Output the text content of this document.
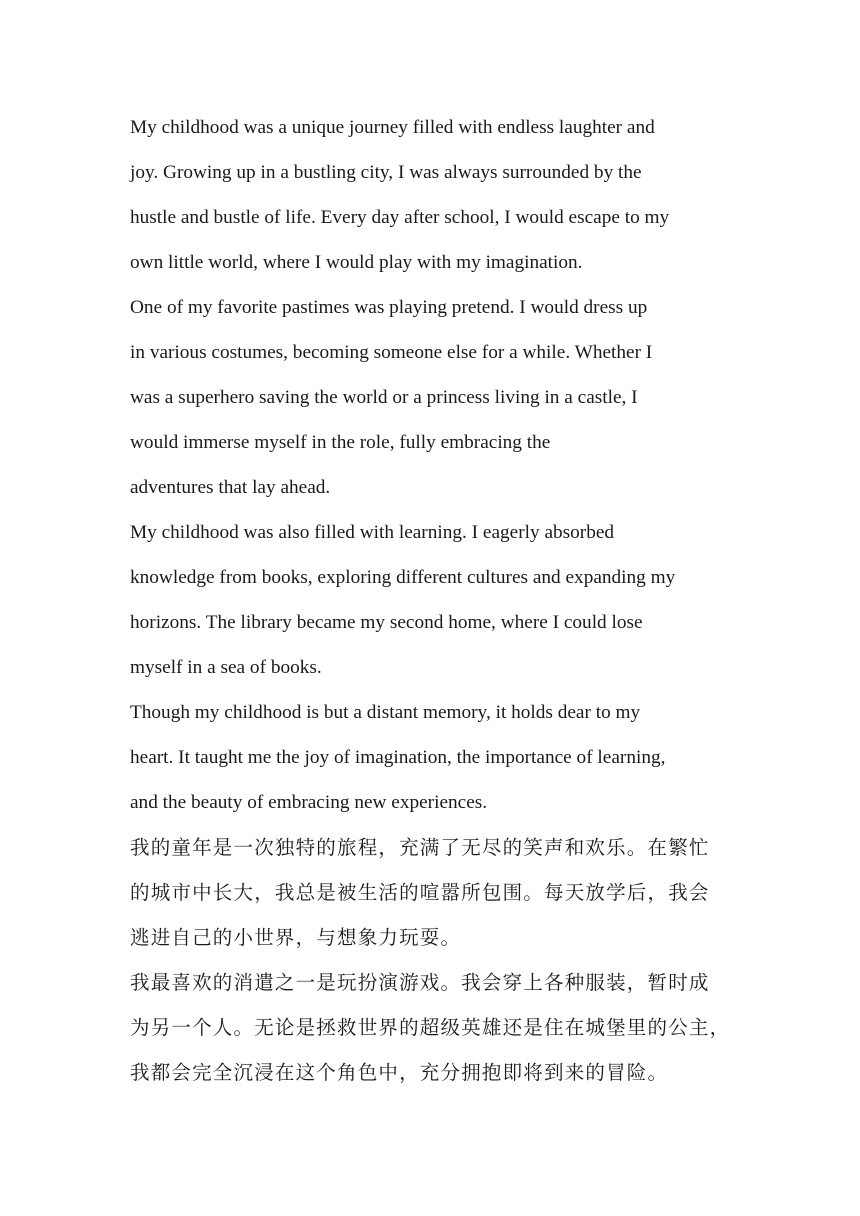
My childhood was a unique journey filled with endless laughter and
joy. Growing up in a bustling city, I was always surrounded by the
hustle and bustle of life. Every day after school, I would escape to my
own little world, where I would play with my imagination.
One of my favorite pastimes was playing pretend. I would dress up
in various costumes, becoming someone else for a while. Whether I
was a superhero saving the world or a princess living in a castle, I
would immerse myself in the role, fully embracing the
adventures that lay ahead.
My childhood was also filled with learning. I eagerly absorbed
knowledge from books, exploring different cultures and expanding my
horizons. The library became my second home, where I could lose
myself in a sea of books.
Though my childhood is but a distant memory, it holds dear to my
heart. It taught me the joy of imagination, the importance of learning,
and the beauty of embracing new experiences.
我的童年是一次独特的旅程，充满了无尽的笑声和欢乐。在繁忙
的城市中长大，我总是被生活的喧嚣所包围。每天放学后，我会
逃进自己的小世界，与想象力玩耍。
我最喜欢的消遣之一是玩扮演游戏。我会穿上各种服装，暂时成
为另一个人。无论是拯救世界的超级英雄还是住在城堡里的公主，
我都会完全沉浸在这个角色中，充分拥抱即将到来的冒险。
